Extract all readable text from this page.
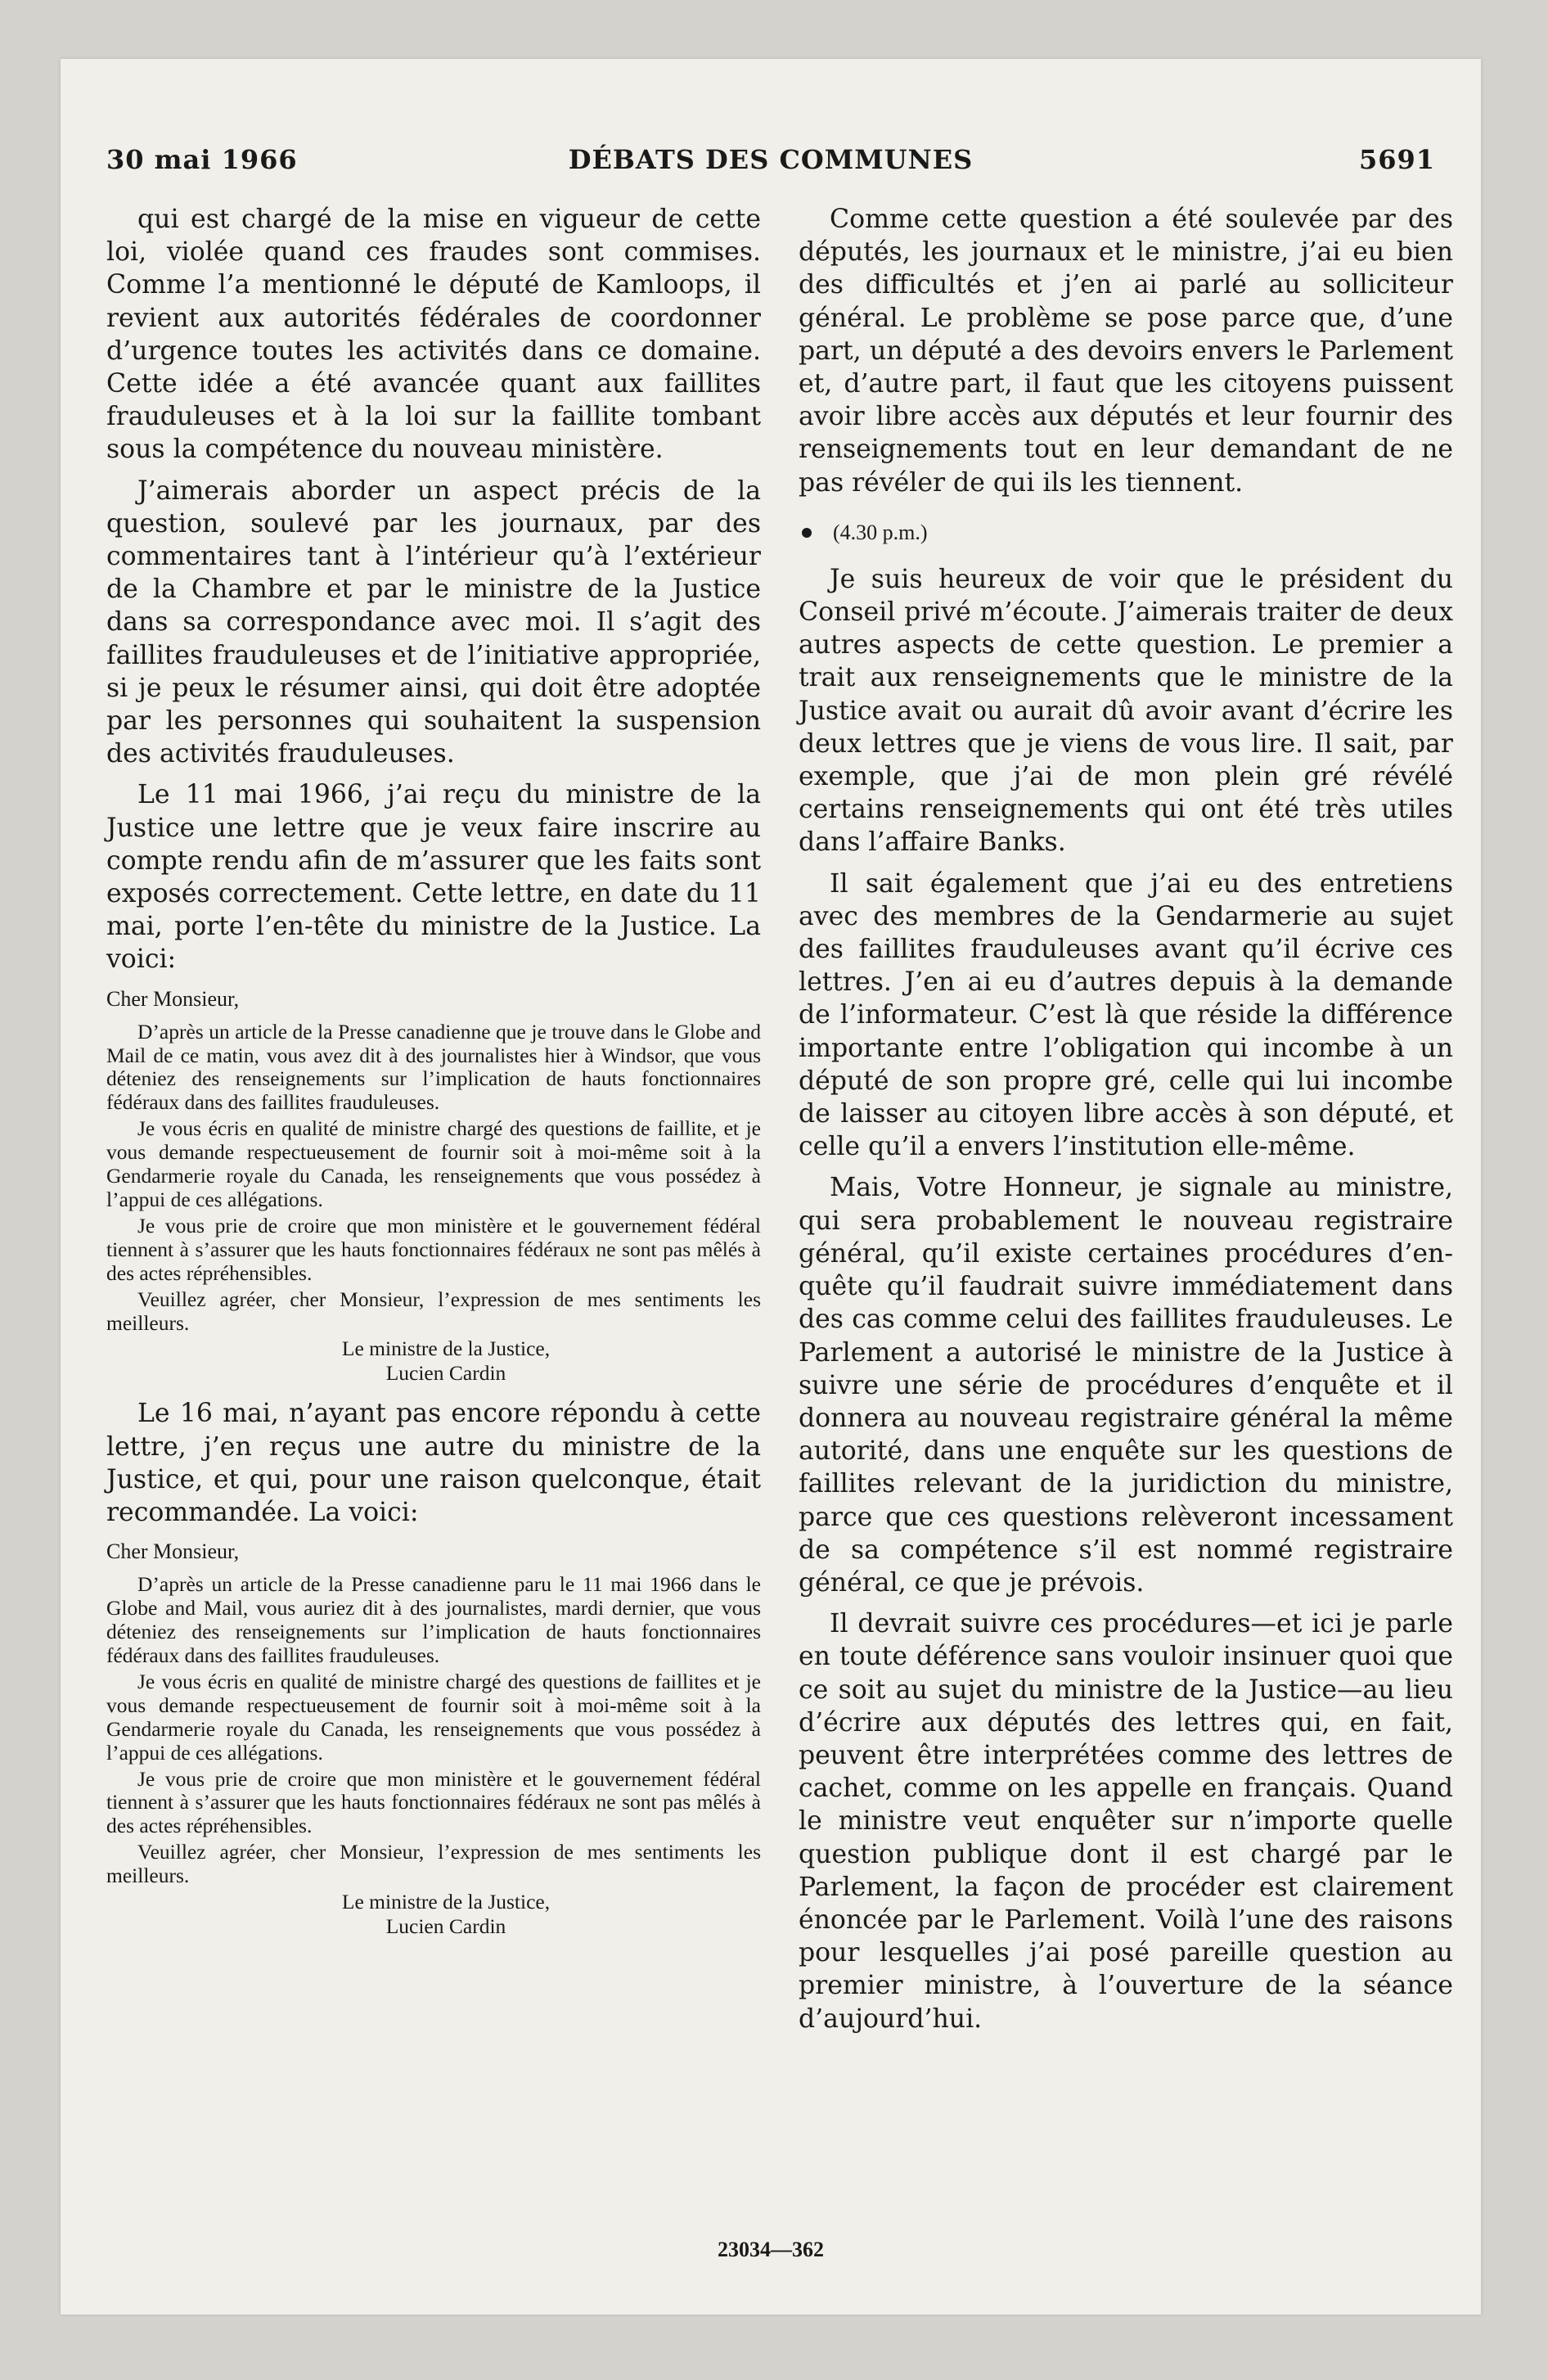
30 mai 1966	DÉBATS DES COMMUNES	5691

qui est chargé de la mise en vigueur de cette loi, violée quand ces fraudes sont commises. Comme l’a mentionné le député de Kamloops, il revient aux autorités fédérales de coordonner d’urgence toutes les activités dans ce domaine. Cette idée a été avancée quant aux faillites frauduleuses et à la loi sur la faillite tombant sous la compétence du nouveau ministère.

J’aimerais aborder un aspect précis de la question, soulevé par les journaux, par des commentaires tant à l’intérieur qu’à l’extérieur de la Chambre et par le ministre de la Justice dans sa correspondance avec moi. Il s’agit des faillites frauduleuses et de l’initiative appropriée, si je peux le résumer ainsi, qui doit être adoptée par les personnes qui souhaitent la suspension des activités frauduleuses.

Le 11 mai 1966, j’ai reçu du ministre de la Justice une lettre que je veux faire inscrire au compte rendu afin de m’assurer que les faits sont exposés correctement. Cette lettre, en date du 11 mai, porte l’en-tête du ministre de la Justice. La voici:

Cher Monsieur,

D’après un article de la Presse canadienne que je trouve dans le Globe and Mail de ce matin, vous avez dit à des journalistes hier à Windsor, que vous déteniez des renseignements sur l’implication de hauts fonctionnaires fédéraux dans des faillites frauduleuses.

Je vous écris en qualité de ministre chargé des questions de faillite, et je vous demande respectueusement de fournir soit à moi-même soit à la Gendarmerie royale du Canada, les renseignements que vous possédez à l’appui de ces allégations.

Je vous prie de croire que mon ministère et le gouvernement fédéral tiennent à s’assurer que les hauts fonctionnaires fédéraux ne sont pas mêlés à des actes répréhensibles.

Veuillez agréer, cher Monsieur, l’expression de mes sentiments les meilleurs.

Le ministre de la Justice,
Lucien Cardin

Le 16 mai, n’ayant pas encore répondu à cette lettre, j’en reçus une autre du ministre de la Justice, et qui, pour une raison quelconque, était recommandée. La voici:

Cher Monsieur,

D’après un article de la Presse canadienne paru le 11 mai 1966 dans le Globe and Mail, vous auriez dit à des journalistes, mardi dernier, que vous déteniez des renseignements sur l’implication de hauts fonctionnaires fédéraux dans des faillites frauduleuses.

Je vous écris en qualité de ministre chargé des questions de faillites et je vous demande respectueusement de fournir soit à moi-même soit à la Gendarmerie royale du Canada, les renseignements que vous possédez à l’appui de ces allégations.

Je vous prie de croire que mon ministère et le gouvernement fédéral tiennent à s’assurer que les hauts fonctionnaires fédéraux ne sont pas mêlés à des actes répréhensibles.

Veuillez agréer, cher Monsieur, l’expression de mes sentiments les meilleurs.

Le ministre de la Justice,
Lucien Cardin

Comme cette question a été soulevée par des députés, les journaux et le ministre, j’ai eu bien des difficultés et j’en ai parlé au solliciteur général. Le problème se pose parce que, d’une part, un député a des devoirs envers le Parlement et, d’autre part, il faut que les citoyens puissent avoir libre accès aux députés et leur fournir des renseignements tout en leur demandant de ne pas révéler de qui ils les tiennent.

(4.30 p.m.)

Je suis heureux de voir que le président du Conseil privé m’écoute. J’aimerais traiter de deux autres aspects de cette question. Le premier a trait aux renseignements que le ministre de la Justice avait ou aurait dû avoir avant d’écrire les deux lettres que je viens de vous lire. Il sait, par exemple, que j’ai de mon plein gré révélé certains renseignements qui ont été très utiles dans l’affaire Banks.

Il sait également que j’ai eu des entretiens avec des membres de la Gendarmerie au sujet des faillites frauduleuses avant qu’il écrive ces lettres. J’en ai eu d’autres depuis à la demande de l’informateur. C’est là que réside la différence importante entre l’obligation qui incombe à un député de son propre gré, celle qui lui incombe de laisser au citoyen libre accès à son député, et celle qu’il a envers l’institution elle-même.

Mais, Votre Honneur, je signale au ministre, qui sera probablement le nouveau registraire général, qu’il existe certaines procédures d’enquête qu’il faudrait suivre immédiatement dans des cas comme celui des faillites frauduleuses. Le Parlement a autorisé le ministre de la Justice à suivre une série de procédures d’enquête et il donnera au nouveau registraire général la même autorité, dans une enquête sur les questions de faillites relevant de la juridiction du ministre, parce que ces questions relèveront incessament de sa compétence s’il est nommé registraire général, ce que je prévois.

Il devrait suivre ces procédures—et ici je parle en toute déférence sans vouloir insinuer quoi que ce soit au sujet du ministre de la Justice—au lieu d’écrire aux députés des lettres qui, en fait, peuvent être interprétées comme des lettres de cachet, comme on les appelle en français. Quand le ministre veut enquêter sur n’importe quelle question publique dont il est chargé par le Parlement, la façon de procéder est clairement énoncée par le Parlement. Voilà l’une des raisons pour lesquelles j’ai posé pareille question au premier ministre, à l’ouverture de la séance d’aujourd’hui.

23034—362
